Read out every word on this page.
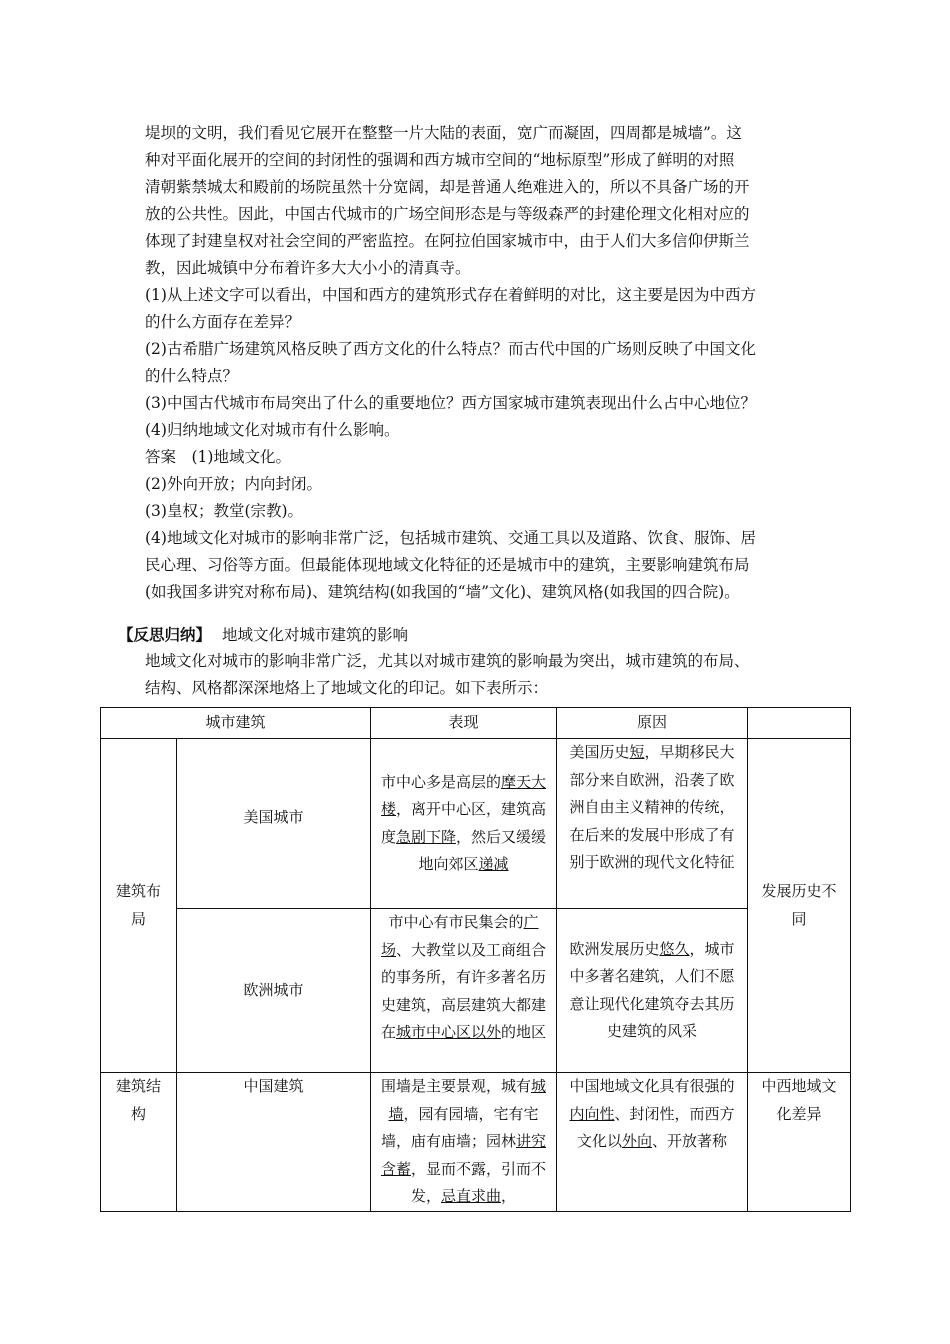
堤坝的文明，我们看见它展开在整整一片大陆的表面，宽广而凝固，四周都是城墙”。这

种对平面化展开的空间的封闭性的强调和西方城市空间的“地标原型”形成了鲜明的对照

清朝紫禁城太和殿前的场院虽然十分宽阔，却是普通人绝难进入的，所以不具备广场的开

放的公共性。因此，中国古代城市的广场空间形态是与等级森严的封建伦理文化相对应的

体现了封建皇权对社会空间的严密监控。在阿拉伯国家城市中，由于人们大多信仰伊斯兰

教，因此城镇中分布着许多大大小小的清真寺。

(1)从上述文字可以看出，中国和西方的建筑形式存在着鲜明的对比，这主要是因为中西方

的什么方面存在差异？

(2)古希腊广场建筑风格反映了西方文化的什么特点？而古代中国的广场则反映了中国文化

的什么特点？

(3)中国古代城市布局突出了什么的重要地位？西方国家城市建筑表现出什么占中心地位？

(4)归纳地域文化对城市有什么影响。

答案　(1)地域文化。

(2)外向开放；内向封闭。

(3)皇权；教堂(宗教)。

(4)地域文化对城市的影响非常广泛，包括城市建筑、交通工具以及道路、饮食、服饰、居

民心理、习俗等方面。但最能体现地域文化特征的还是城市中的建筑，主要影响建筑布局

(如我国多讲究对称布局)、建筑结构(如我国的“墙”文化)、建筑风格(如我国的四合院)。

【反思归纳】 地域文化对城市建筑的影响

地域文化对城市的影响非常广泛，尤其以对城市建筑的影响最为突出，城市建筑的布局、

结构、风格都深深地烙上了地域文化的印记。如下表所示：

城市建筑		表现	原因	
建筑布局	美国城市	市中心多是高层的摩天大楼，离开中心区，建筑高度急剧下降，然后又缓缓地向郊区递减	美国历史短，早期移民大部分来自欧洲，沿袭了欧洲自由主义精神的传统，在后来的发展中形成了有别于欧洲的现代文化特征	发展历史不同
	欧洲城市	市中心有市民集会的广场、大教堂以及工商组合的事务所，有许多著名历史建筑，高层建筑大都建在城市中心区以外的地区	欧洲发展历史悠久，城市中多著名建筑，人们不愿意让现代化建筑夺去其历史建筑的风采	
建筑结构	中国建筑	围墙是主要景观，城有城墙，园有园墙，宅有宅墙，庙有庙墙；园林讲究含蓄，显而不露，引而不发，忌直求曲，	中国地域文化具有很强的内向性、封闭性，而西方文化以外向、开放著称	中西地域文化差异
